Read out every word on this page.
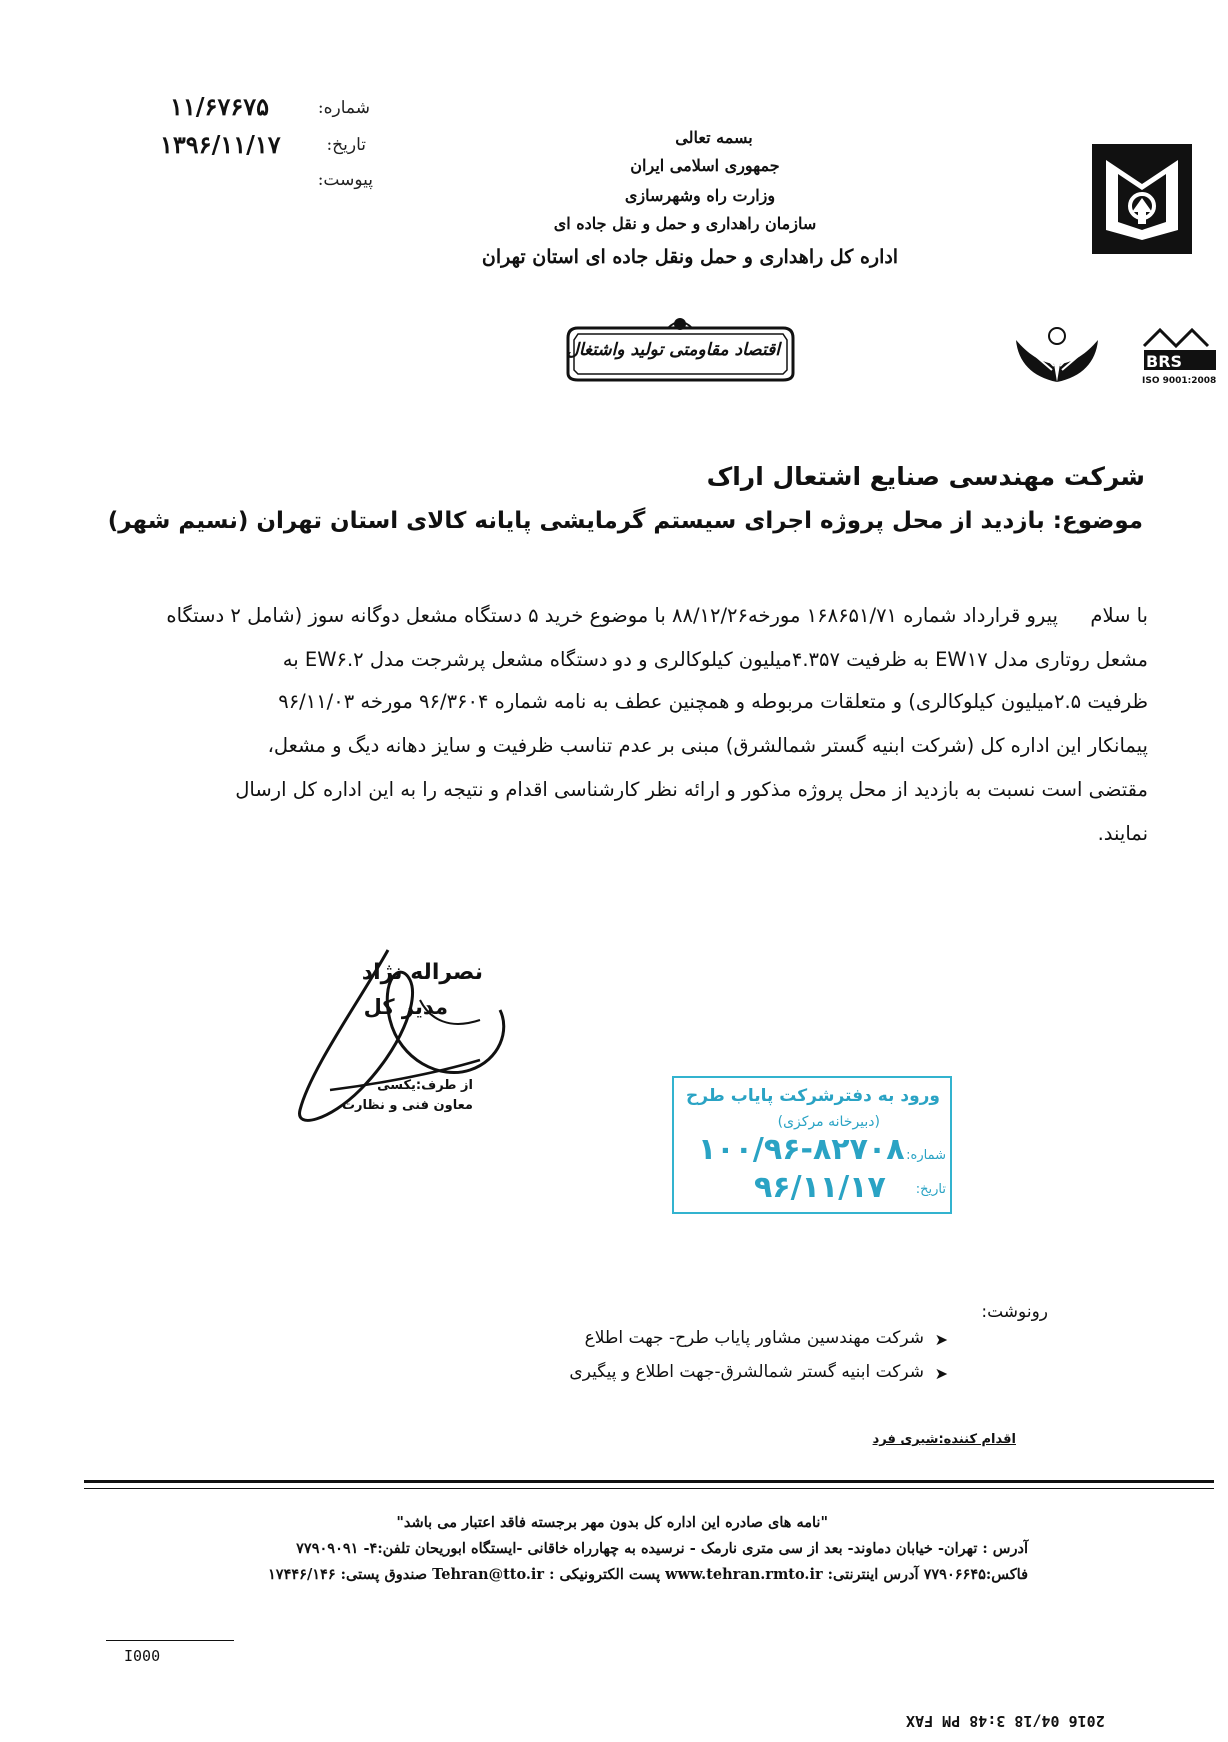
شماره:
۱۱/۶۷۶۷۵
تاریخ:
۱۳۹۶/۱۱/۱۷
پیوست:
بسمه تعالی
جمهوری اسلامی ایران
وزارت راه وشهرسازی
سازمان راهداری و حمل و نقل جاده ای
اداره کل راهداری و حمل ونقل جاده ای استان تهران
اقتصاد مقاومتی تولید واشتغال
BRS
ISO 9001:2008
شرکت مهندسی صنایع اشتعال اراک
موضوع: بازدید از محل پروژه اجرای سیستم گرمایشی پایانه کالای استان تهران (نسیم شهر)
با سلام
پیرو قرارداد شماره ۱۶۸۶۵۱/۷۱ مورخه۸۸/۱۲/۲۶ با موضوع خرید ۵ دستگاه مشعل دوگانه سوز (شامل ۲ دستگاه
مشعل روتاری مدل EW۱۷ به ظرفیت ۴.۳۵۷میلیون کیلوکالری و دو دستگاه مشعل پرشرجت مدل EW۶.۲ به
ظرفیت ۲.۵میلیون کیلوکالری) و متعلقات مربوطه و همچنین عطف به نامه شماره ۹۶/۳۶۰۴ مورخه ۹۶/۱۱/۰۳
پیمانکار این اداره کل (شرکت ابنیه گستر شمالشرق) مبنی بر عدم تناسب ظرفیت و سایز دهانه دیگ و مشعل،
مقتضی است نسبت به بازدید از محل پروژه مذکور و ارائه نظر کارشناسی اقدام و نتیجه را به این اداره کل ارسال
نمایند.
نصراله نژاد
مدیر کل
از طرف:یکسی
معاون فنی و نظارت	ورود به دفترشرکت پایاب طرح
(دبیرخانه مرکزی)
شماره:
۱۰۰/۹۶-۸۲۷۰۸
تاریخ:
۹۶/۱۱/۱۷
رونوشت:
➤
شرکت مهندسین مشاور پایاب طرح- جهت اطلاع
➤
شرکت ابنیه گستر شمالشرق-جهت اطلاع و پیگیری
اقدام کننده:شیری فرد
"نامه های صادره این اداره کل بدون مهر برجسته فاقد اعتبار می باشد"
آدرس : تهران- خیابان دماوند- بعد از سی متری نارمک - نرسیده به چهارراه خاقانی -ایستگاه ابوریحان تلفن:۴- ۷۷۹۰۹۰۹۱
فاکس:۷۷۹۰۶۶۴۵ آدرس اینترنتی: www.tehran.rmto.ir پست الکترونیکی : Tehran@tto.ir صندوق پستی: ۱۷۴۴۶/۱۴۶
I000
2016 04/18 3:48 PM FAX
